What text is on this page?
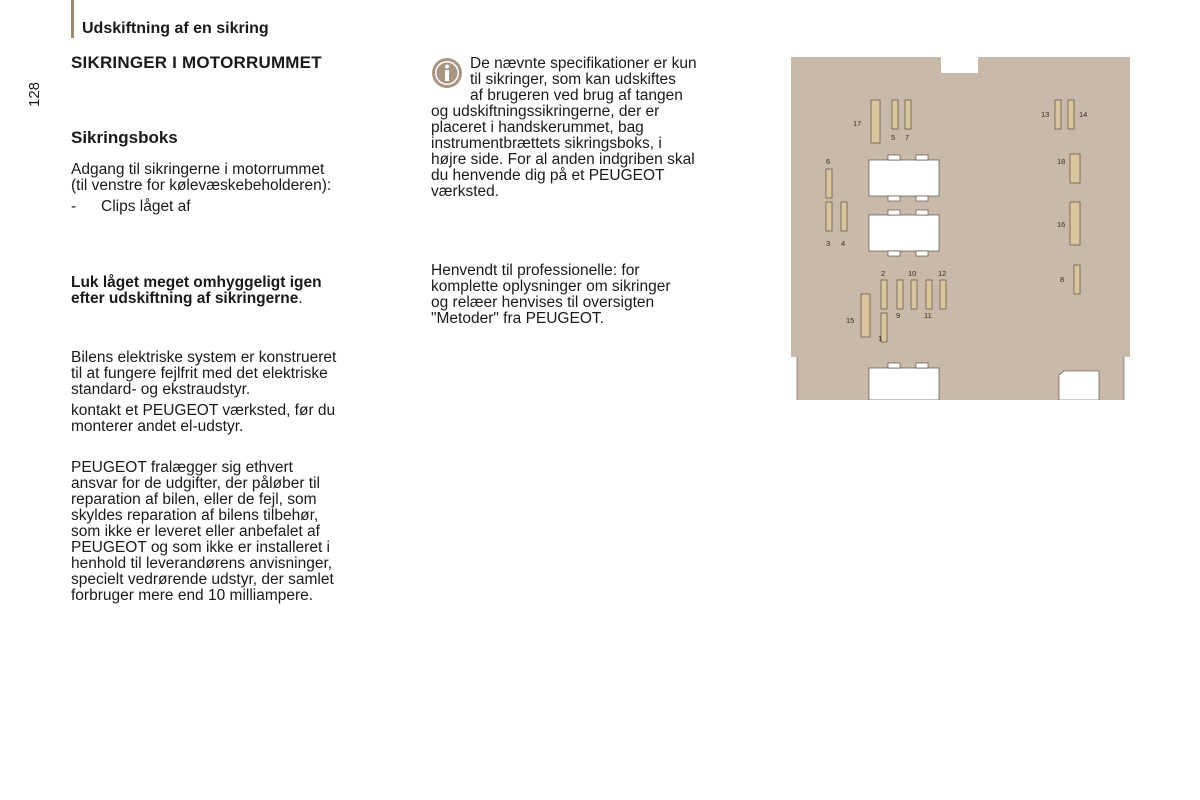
Udskiftning af en sikring
128
SIKRINGER I MOTORRUMMET
Sikringsboks
Adgang til sikringerne i motorrummet
(til venstre for kølevæskebeholderen):
- Clips låget af
Luk låget meget omhyggeligt igen
efter udskiftning af sikringerne.
Bilens elektriske system er konstrueret
til at fungere fejlfrit med det elektriske
standard- og ekstraudstyr.
kontakt et PEUGEOT værksted, før du
monterer andet el-udstyr.
PEUGEOT fralægger sig ethvert
ansvar for de udgifter, der påløber til
reparation af bilen, eller de fejl, som
skyldes reparation af bilens tilbehør,
som ikke er leveret eller anbefalet af
PEUGEOT og som ikke er installeret i
henhold til leverandørens anvisninger,
specielt vedrørende udstyr, der samlet
forbruger mere end 10 milliampere.
De nævnte specifikationer er kun
til sikringer, som kan udskiftes
af brugeren ved brug af tangen
og udskiftningssikringerne, der er
placeret i handskerummet, bag
instrumentbrættets sikringsboks, i
højre side. For al anden indgriben skal
du henvende dig på et PEUGEOT
værksted.
Henvendt til professionelle: for
komplette oplysninger om sikringer
og relæer henvises til oversigten
"Metoder" fra PEUGEOT.
17
5 7
13	14
6	18
3 4
16
2	10	12
8
15
9	11
1
